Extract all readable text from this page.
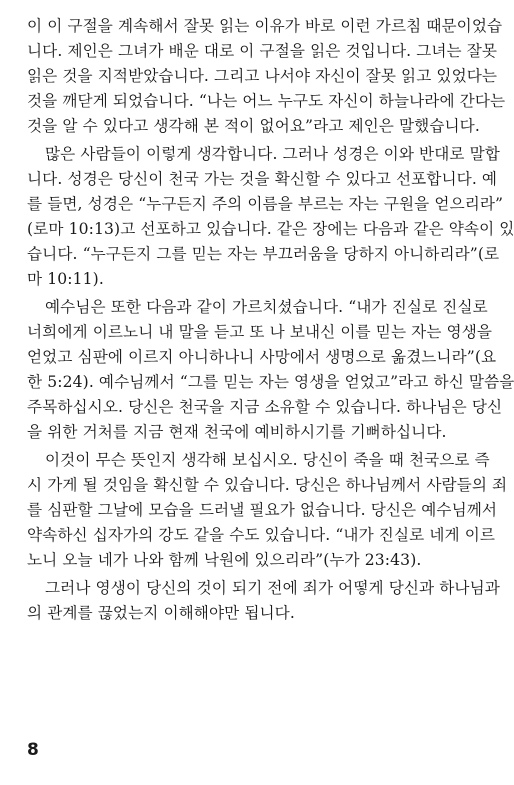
이 이 구절을 계속해서 잘못 읽는 이유가 바로 이런 가르침 때문이었습
니다. 제인은 그녀가 배운 대로 이 구절을 읽은 것입니다. 그녀는 잘못
읽은 것을 지적받았습니다. 그리고 나서야 자신이 잘못 읽고 있었다는
것을 깨닫게 되었습니다. “나는 어느 누구도 자신이 하늘나라에 간다는
것을 알 수 있다고 생각해 본 적이 없어요”라고 제인은 말했습니다.
많은 사람들이 이렇게 생각합니다. 그러나 성경은 이와 반대로 말합
니다. 성경은 당신이 천국 가는 것을 확신할 수 있다고 선포합니다. 예
를 들면, 성경은 “누구든지 주의 이름을 부르는 자는 구원을 얻으리라”
(로마 10:13)고 선포하고 있습니다. 같은 장에는 다음과 같은 약속이 있
습니다. “누구든지 그를 믿는 자는 부끄러움을 당하지 아니하리라”(로
마 10:11).
예수님은 또한 다음과 같이 가르치셨습니다. “내가 진실로 진실로
너희에게 이르노니 내 말을 듣고 또 나 보내신 이를 믿는 자는 영생을
얻었고 심판에 이르지 아니하나니 사망에서 생명으로 옮겼느니라”(요
한 5:24). 예수님께서 “그를 믿는 자는 영생을 얻었고”라고 하신 말씀을
주목하십시오. 당신은 천국을 지금 소유할 수 있습니다. 하나님은 당신
을 위한 거처를 지금 현재 천국에 예비하시기를 기뻐하십니다.
이것이 무슨 뜻인지 생각해 보십시오. 당신이 죽을 때 천국으로 즉
시 가게 될 것임을 확신할 수 있습니다. 당신은 하나님께서 사람들의 죄
를 심판할 그날에 모습을 드러낼 필요가 없습니다. 당신은 예수님께서
약속하신 십자가의 강도 같을 수도 있습니다. “내가 진실로 네게 이르
노니 오늘 네가 나와 함께 낙원에 있으리라”(누가 23:43).
그러나 영생이 당신의 것이 되기 전에 죄가 어떻게 당신과 하나님과
의 관계를 끊었는지 이해해야만 됩니다.
8
